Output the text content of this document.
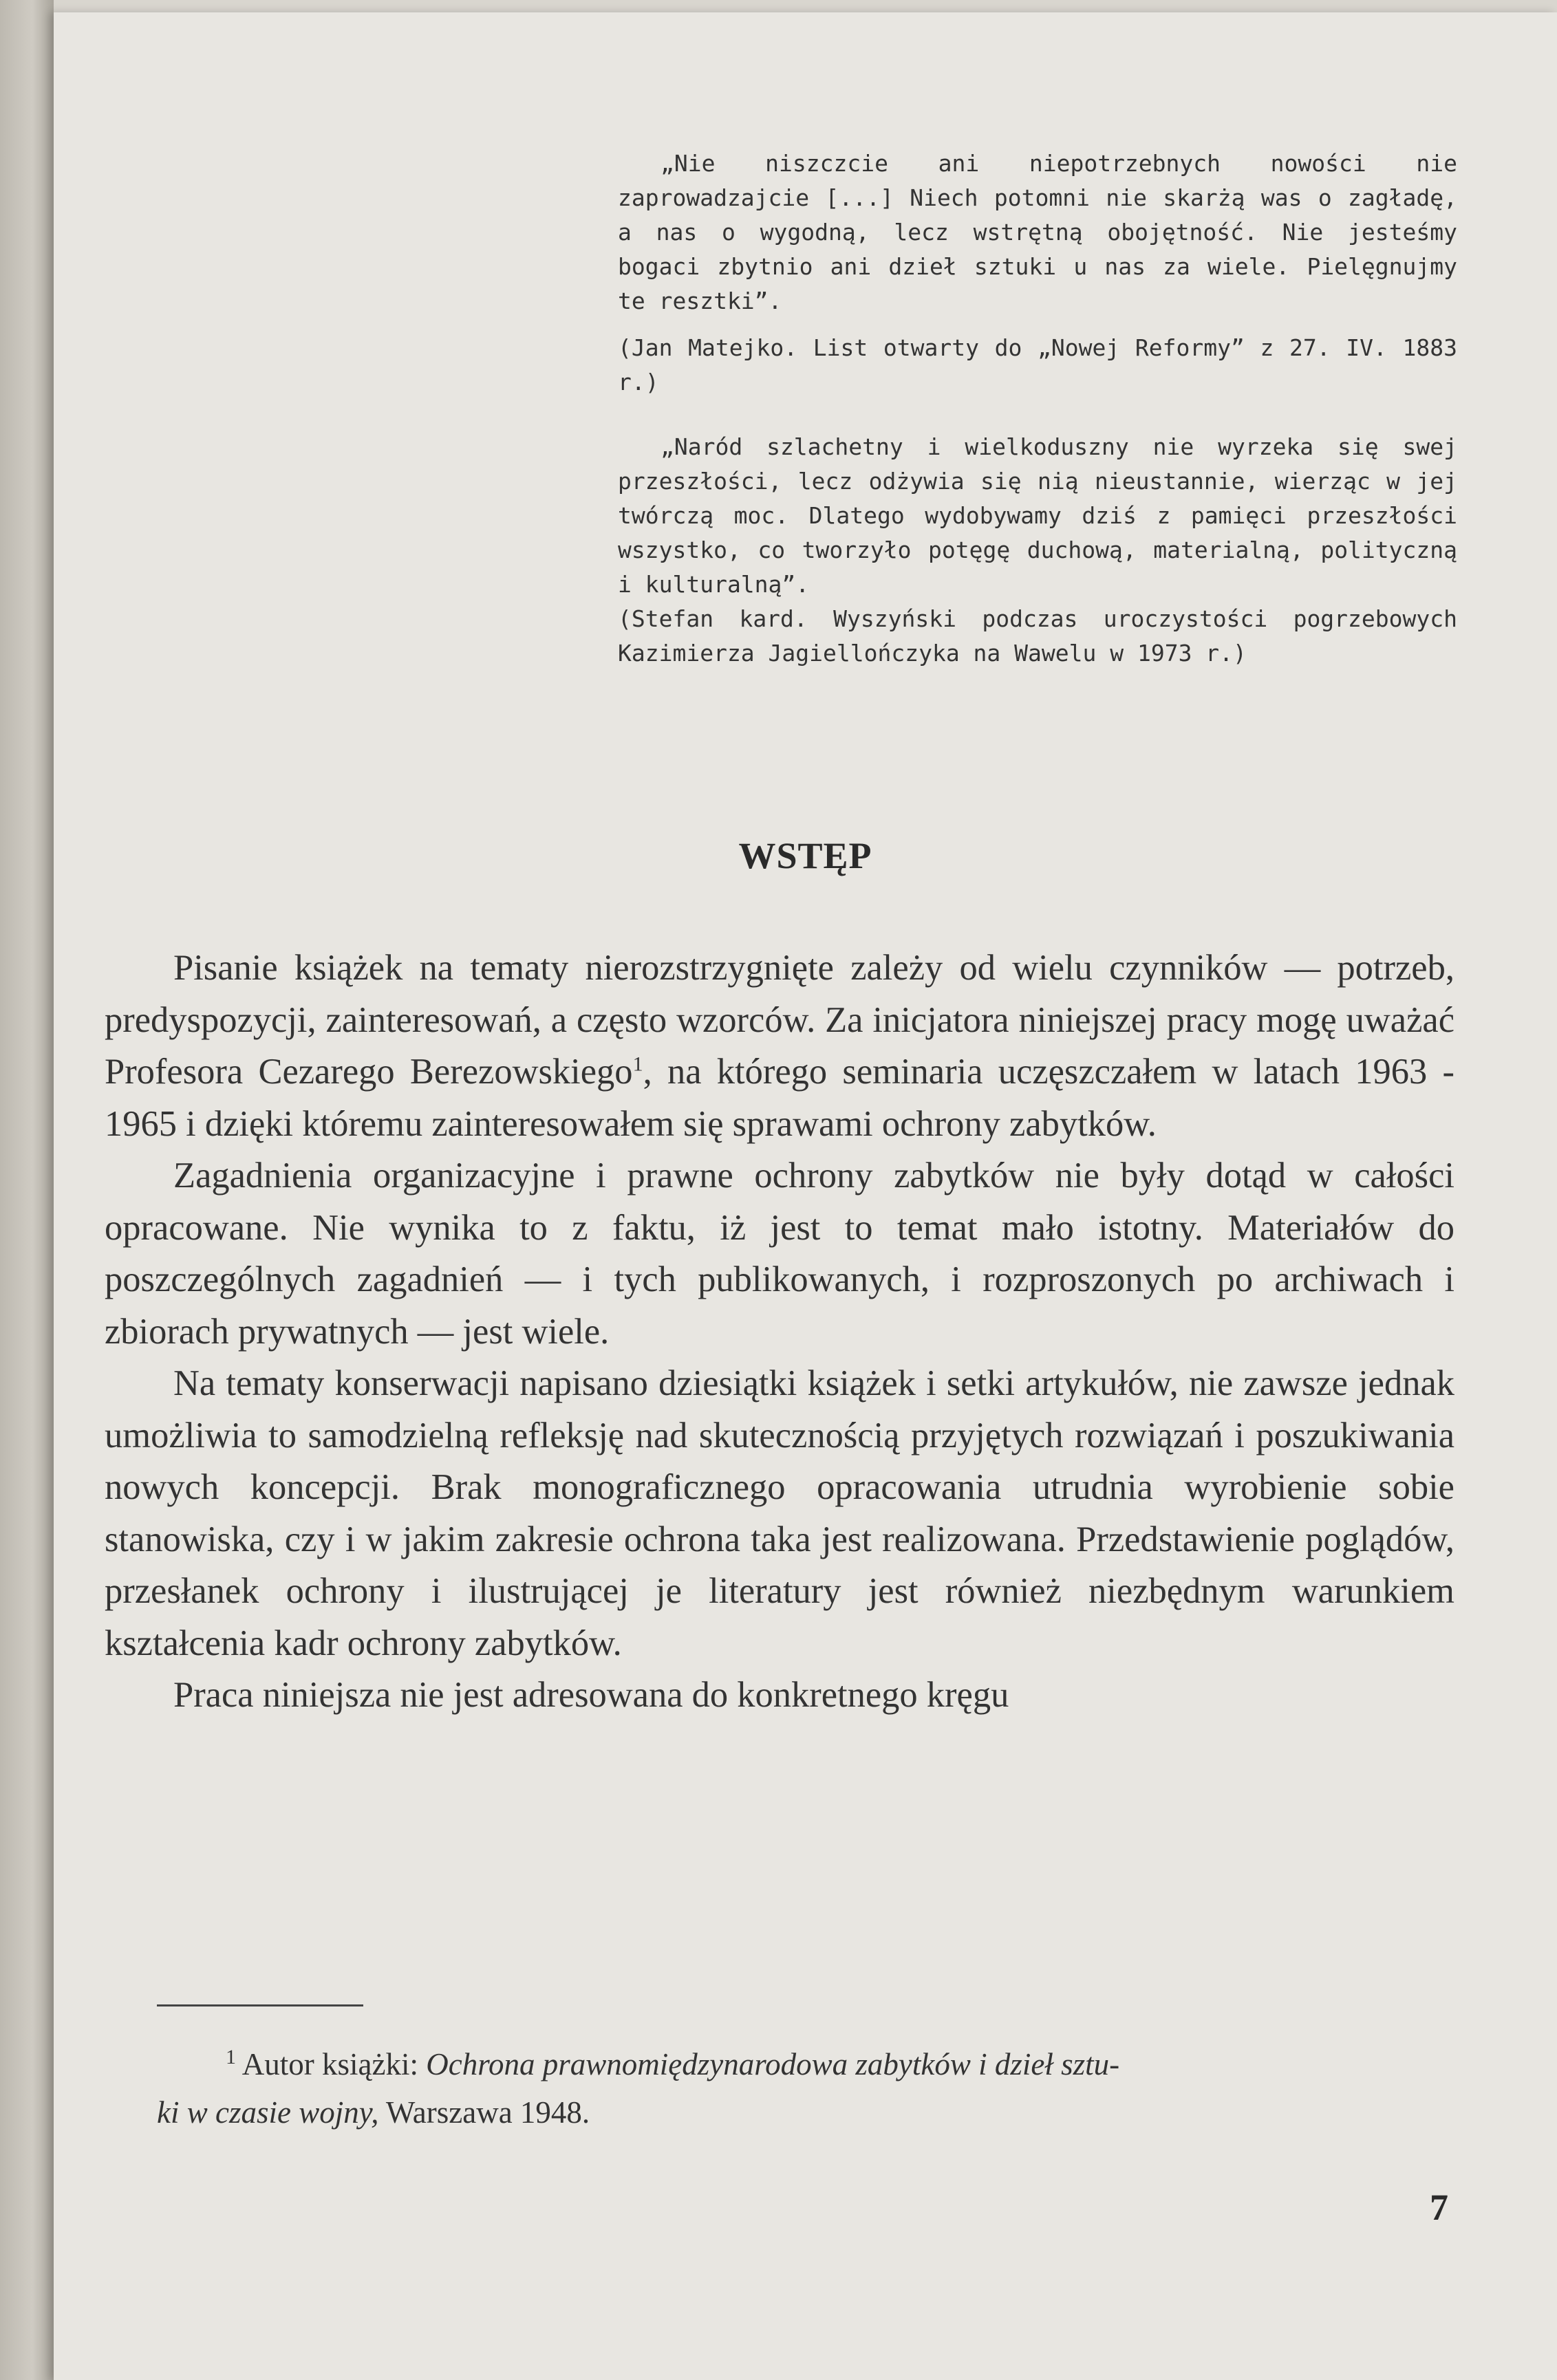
„Nie niszczcie ani niepotrzebnych nowości nie zaprowadzajcie [...] Niech potomni nie skarżą was o zagładę, a nas o wygodną, lecz wstrętną obojętność. Nie jesteśmy bogaci zbytnio ani dzieł sztuki u nas za wiele. Pielęgnujmy te resztki”.

(Jan Matejko. List otwarty do „Nowej Reformy” z 27. IV. 1883 r.)

„Naród szlachetny i wielkoduszny nie wyrzeka się swej przeszłości, lecz odżywia się nią nieustannie, wierząc w jej twórczą moc. Dlatego wydobywamy dziś z pamięci przeszłości wszystko, co tworzyło potęgę duchową, materialną, polityczną i kulturalną”.

(Stefan kard. Wyszyński podczas uroczystości pogrzebowych Kazimierza Jagiellończyka na Wawelu w 1973 r.)

WSTĘP

Pisanie książek na tematy nierozstrzygnięte zależy od wielu czynników — potrzeb, predyspozycji, zainteresowań, a często wzorców. Za inicjatora niniejszej pracy mogę uważać Profesora Cezarego Berezowskiego$^1$, na którego seminaria uczęszczałem w latach 1963 - 1965 i dzięki któremu zainteresowałem się sprawami ochrony zabytków.

Zagadnienia organizacyjne i prawne ochrony zabytków nie były dotąd w całości opracowane. Nie wynika to z faktu, iż jest to temat mało istotny. Materiałów do poszczególnych zagadnień — i tych publikowanych, i rozproszonych po archiwach i zbiorach prywatnych — jest wiele.

Na tematy konserwacji napisano dziesiątki książek i setki artykułów, nie zawsze jednak umożliwia to samodzielną refleksję nad skutecznością przyjętych rozwiązań i poszukiwania nowych koncepcji. Brak monograficznego opracowania utrudnia wyrobienie sobie stanowiska, czy i w jakim zakresie ochrona taka jest realizowana. Przedstawienie poglądów, przesłanek ochrony i ilustrującej je literatury jest również niezbędnym warunkiem kształcenia kadr ochrony zabytków.

Praca niniejsza nie jest adresowana do konkretnego kręgu

$^1$ Autor książki: Ochrona prawnomiędzynarodowa zabytków i dzieł sztu-

ki w czasie wojny, Warszawa 1948.

7
